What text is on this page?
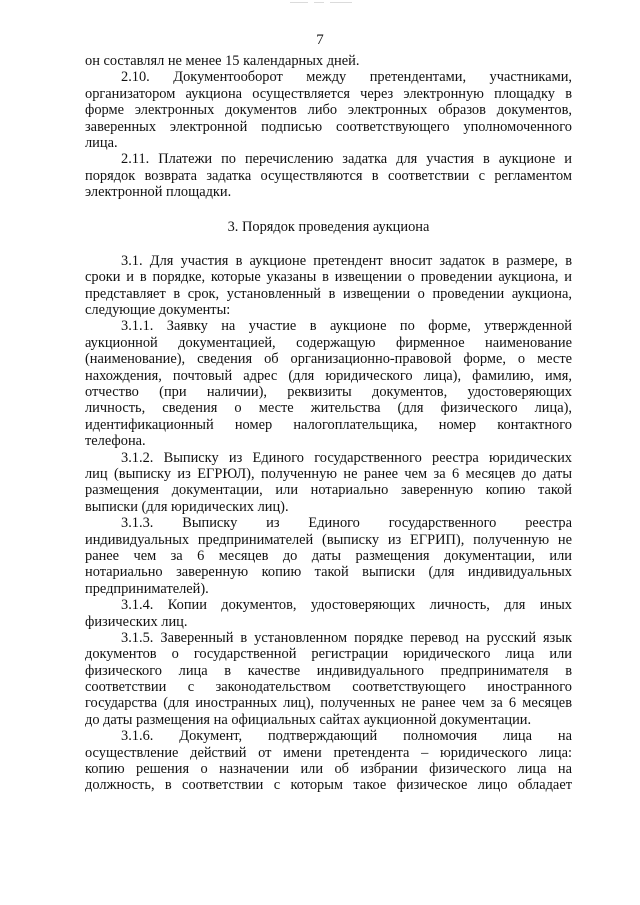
7
он составлял не менее 15 календарных дней.
2.10. Документооборот между претендентами, участниками,
организатором аукциона осуществляется через электронную площадку в
форме электронных документов либо электронных образов документов,
заверенных электронной подписью соответствующего уполномоченного
лица.
2.11. Платежи по перечислению задатка для участия в аукционе и
порядок возврата задатка осуществляются в соответствии с регламентом
электронной площадки.
3. Порядок проведения аукциона
3.1. Для участия в аукционе претендент вносит задаток в размере, в
сроки и в порядке, которые указаны в извещении о проведении аукциона, и
представляет в срок, установленный в извещении о проведении аукциона,
следующие документы:
3.1.1. Заявку на участие в аукционе по форме, утвержденной
аукционной документацией, содержащую фирменное наименование
(наименование), сведения об организационно-правовой форме, о месте
нахождения, почтовый адрес (для юридического лица), фамилию, имя,
отчество (при наличии), реквизиты документов, удостоверяющих
личность, сведения о месте жительства (для физического лица),
идентификационный номер налогоплательщика, номер контактного
телефона.
3.1.2. Выписку из Единого государственного реестра юридических
лиц (выписку из ЕГРЮЛ), полученную не ранее чем за 6 месяцев до даты
размещения документации, или нотариально заверенную копию такой
выписки (для юридических лиц).
3.1.3. Выписку из Единого государственного реестра
индивидуальных предпринимателей (выписку из ЕГРИП), полученную не
ранее чем за 6 месяцев до даты размещения документации, или
нотариально заверенную копию такой выписки (для индивидуальных
предпринимателей).
3.1.4. Копии документов, удостоверяющих личность, для иных
физических лиц.
3.1.5. Заверенный в установленном порядке перевод на русский язык
документов о государственной регистрации юридического лица или
физического лица в качестве индивидуального предпринимателя в
соответствии с законодательством соответствующего иностранного
государства (для иностранных лиц), полученных не ранее чем за 6 месяцев
до даты размещения на официальных сайтах аукционной документации.
3.1.6. Документ, подтверждающий полномочия лица на
осуществление действий от имени претендента – юридического лица:
копию решения о назначении или об избрании физического лица на
должность, в соответствии с которым такое физическое лицо обладает
